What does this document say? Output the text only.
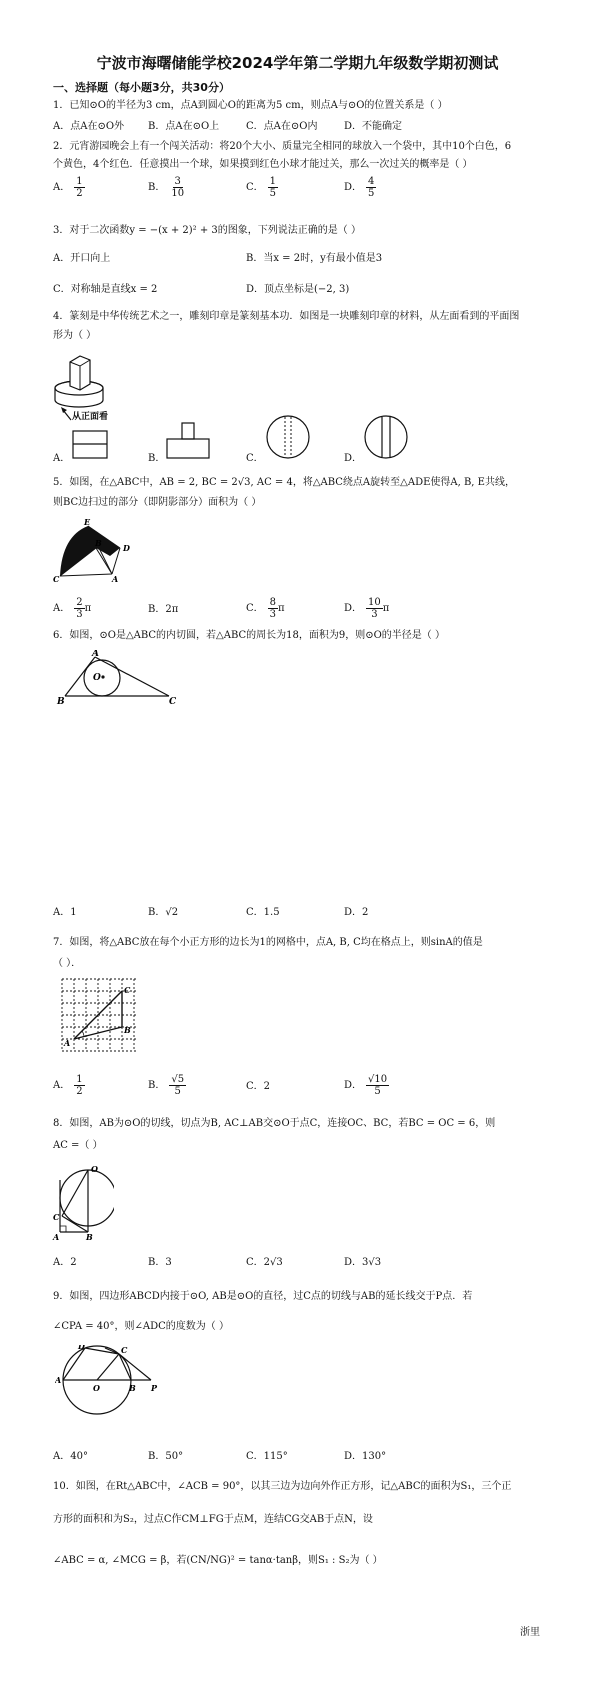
宁波市海曙储能学校2024学年第二学期九年级数学期初测试
一、选择题（每小题3分，共30分）
1．已知⊙O的半径为3 cm，点A到圆心O的距离为5 cm，则点A与⊙O的位置关系是（ ）
A．点A在⊙O外 B．点A在⊙O上	C．点A在⊙O内	D．不能确定
2．元宵游园晚会上有一个闯关活动：将20个大小、质量完全相同的球放入一个袋中，其中10个白色，6
个黄色，4个红色．任意摸出一个球，如果摸到红色小球才能过关，那么一次过关的概率是（ ）
A． $\frac{1}{2}$	B． $\frac{3}{10}$	C． $\frac{1}{5}$	D． $\frac{4}{5}$
3．对于二次函数y = −(x + 2)² + 3的图象，下列说法正确的是（ ）
A．开口向上	B．当x = 2时，y有最小值是3
C．对称轴是直线x = 2	D．顶点坐标是(−2, 3)
4．篆刻是中华传统艺术之一，雕刻印章是篆刻基本功．如图是一块雕刻印章的材料，从左面看到的平面图
形为（ ）
从正面看
A．	B．	C．	D．
5．如图，在△ABC中，AB = 2, BC = 2√3, AC = 4，将△ABC绕点A旋转至△ADE使得A, B, E共线，
则BC边扫过的部分（即阴影部分）面积为（ ）
E
D
C
B
A
A． $\frac{2}{3}$ π	B．2π	C． $\frac{8}{3}$ π	D． $\frac{10}{3}$ π
6．如图，⊙O是△ABC的内切圆，若△ABC的周长为18，面积为9，则⊙O的半径是（ ）
A
O
B	C
A．1	B．√2	C．1.5	D．2
7．如图，将△ABC放在每个小正方形的边长为1的网格中，点A, B, C均在格点上，则sinA的值是
（ ）．
C
B
A
A． $\frac{1}{2}$	B． $\frac{√5}{5}$	C．2	D． $\frac{√10}{5}$
8．如图，AB为⊙O的切线，切点为B, AC⊥AB交⊙O于点C，连接OC、BC，若BC = OC = 6，则
AC =（ ）
O
C
A	B
A．2	B．3	C．2√3	D．3√3
9．如图，四边形ABCD内接于⊙O, AB是⊙O的直径，过C点的切线与AB的延长线交于P点．若
∠CPA = 40°，则∠ADC的度数为（ ）
D	C
A
O	B P
A．40°	B．50°	C．115°	D．130°
10．如图，在Rt△ABC中，∠ACB = 90°，以其三边为边向外作正方形，记△ABC的面积为S₁，三个正
方形的面积和为S₂，过点C作CM⊥FG于点M，连结CG交AB于点N，设
∠ABC = α, ∠MCG = β，若(CN/NG)² = tanα·tanβ，则S₁ : S₂为（ ）
浙里
